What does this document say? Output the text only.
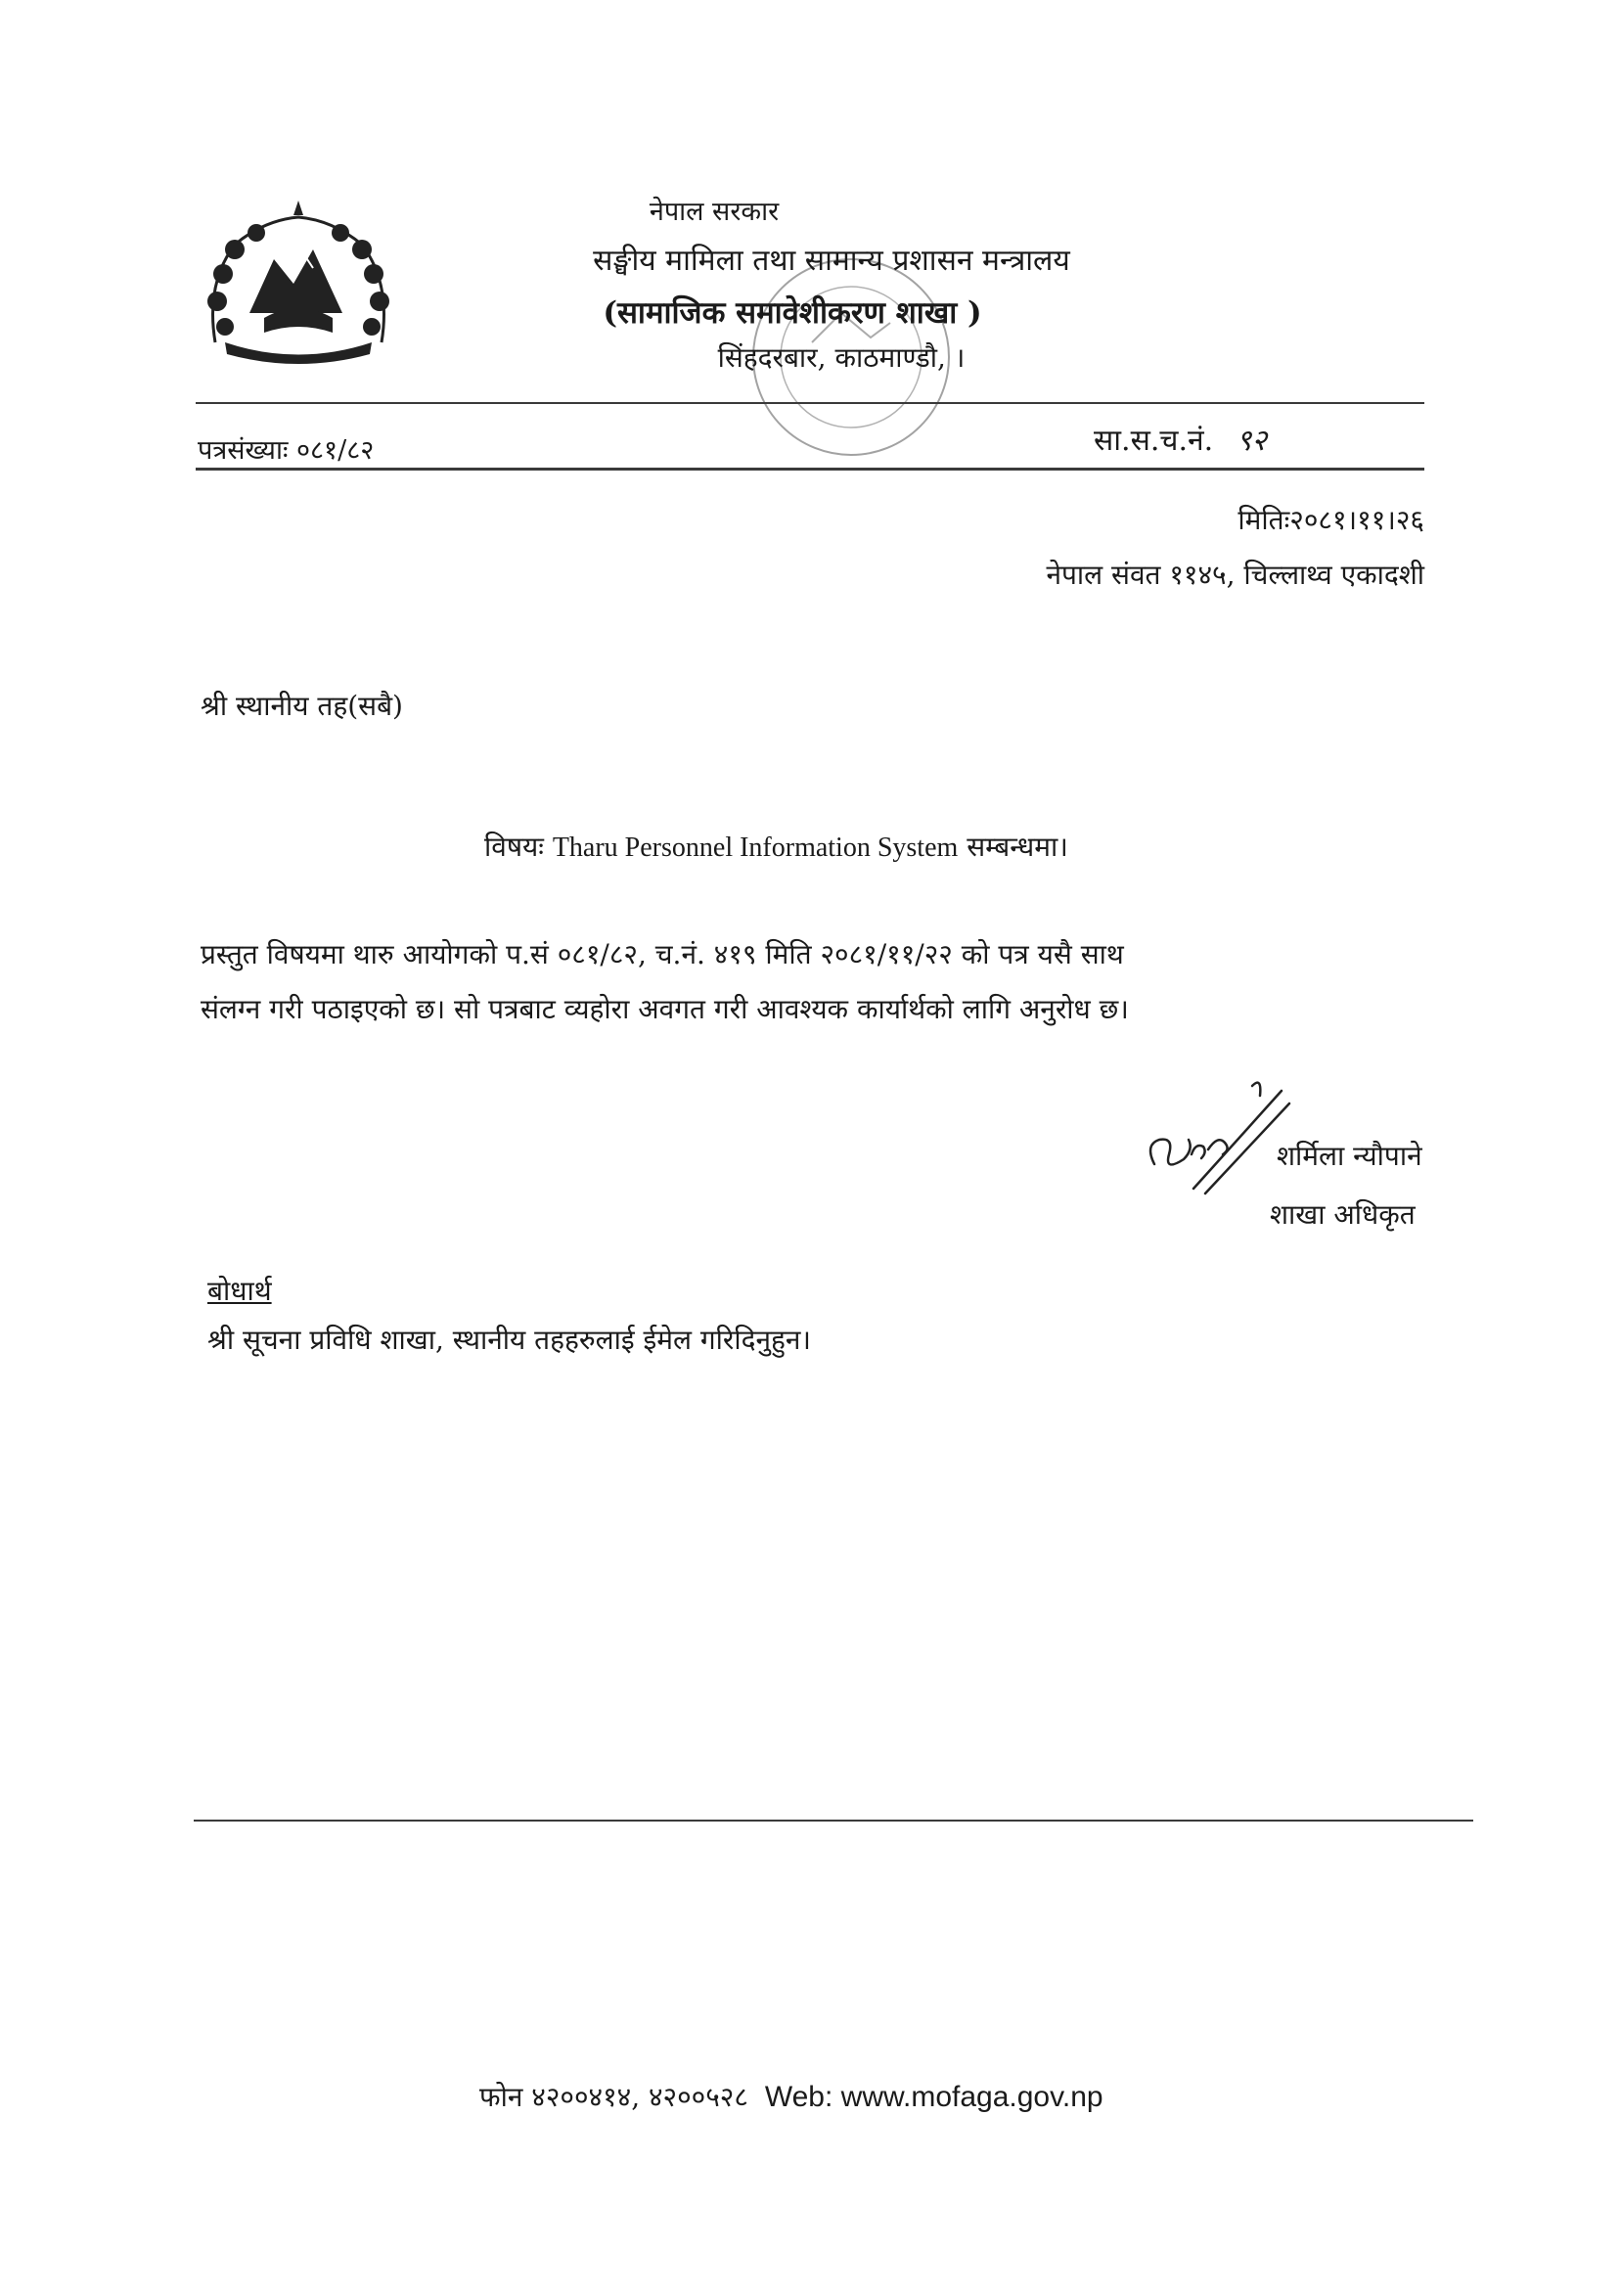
नेपाल सरकार
सङ्घीय मामिला तथा सामान्य प्रशासन मन्त्रालय
(सामाजिक समावेशीकरण शाखा )
सिंहदरबार, काठमाण्डौ, ।
पत्रसंख्याः ०८१/८२	सा.स.च.नं. ९२
मितिः२०८१।११।२६
नेपाल संवत ११४५, चिल्लाथ्व एकादशी
श्री स्थानीय तह(सबै)
विषयः Tharu Personnel Information System सम्बन्धमा।
प्रस्तुत विषयमा थारु आयोगको प.सं ०८१/८२, च.नं. ४१९ मिति २०८१/११/२२ को पत्र यसै साथ
संलग्न गरी पठाइएको छ। सो पत्रबाट व्यहोरा अवगत गरी आवश्यक कार्यार्थको लागि अनुरोध छ।
शर्मिला न्यौपाने
शाखा अधिकृत
बोधार्थ
श्री सूचना प्रविधि शाखा, स्थानीय तहहरुलाई ईमेल गरिदिनुहुन।
फोन ४२००४१४, ४२००५२८ Web: www.mofaga.gov.np
